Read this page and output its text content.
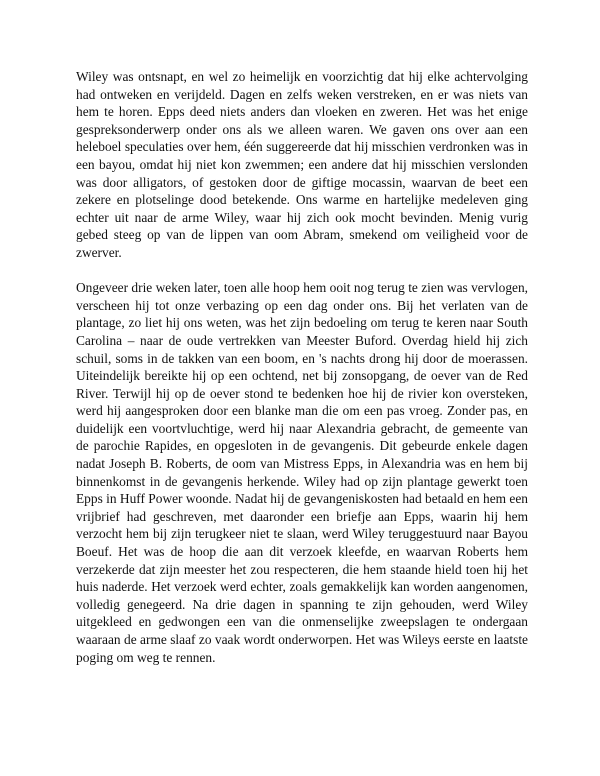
Wiley was ontsnapt, en wel zo heimelijk en voorzichtig dat hij elke achtervolging had ontweken en verijdeld. Dagen en zelfs weken verstreken, en er was niets van hem te horen. Epps deed niets anders dan vloeken en zweren. Het was het enige gespreksonderwerp onder ons als we alleen waren. We gaven ons over aan een heleboel speculaties over hem, één suggereerde dat hij misschien verdronken was in een bayou, omdat hij niet kon zwemmen; een andere dat hij misschien verslonden was door alligators, of gestoken door de giftige mocassin, waarvan de beet een zekere en plotselinge dood betekende. Ons warme en hartelijke medeleven ging echter uit naar de arme Wiley, waar hij zich ook mocht bevinden. Menig vurig gebed steeg op van de lippen van oom Abram, smekend om veiligheid voor de zwerver.

Ongeveer drie weken later, toen alle hoop hem ooit nog terug te zien was vervlogen, verscheen hij tot onze verbazing op een dag onder ons. Bij het verlaten van de plantage, zo liet hij ons weten, was het zijn bedoeling om terug te keren naar South Carolina – naar de oude vertrekken van Meester Buford. Overdag hield hij zich schuil, soms in de takken van een boom, en 's nachts drong hij door de moerassen. Uiteindelijk bereikte hij op een ochtend, net bij zonsopgang, de oever van de Red River. Terwijl hij op de oever stond te bedenken hoe hij de rivier kon oversteken, werd hij aangesproken door een blanke man die om een pas vroeg. Zonder pas, en duidelijk een voortvluchtige, werd hij naar Alexandria gebracht, de gemeente van de parochie Rapides, en opgesloten in de gevangenis. Dit gebeurde enkele dagen nadat Joseph B. Roberts, de oom van Mistress Epps, in Alexandria was en hem bij binnenkomst in de gevangenis herkende. Wiley had op zijn plantage gewerkt toen Epps in Huff Power woonde. Nadat hij de gevangeniskosten had betaald en hem een vrijbrief had geschreven, met daaronder een briefje aan Epps, waarin hij hem verzocht hem bij zijn terugkeer niet te slaan, werd Wiley teruggestuurd naar Bayou Boeuf. Het was de hoop die aan dit verzoek kleefde, en waarvan Roberts hem verzekerde dat zijn meester het zou respecteren, die hem staande hield toen hij het huis naderde. Het verzoek werd echter, zoals gemakkelijk kan worden aangenomen, volledig genegeerd. Na drie dagen in spanning te zijn gehouden, werd Wiley uitgekleed en gedwongen een van die onmenselijke zweepslagen te ondergaan waaraan de arme slaaf zo vaak wordt onderworpen. Het was Wileys eerste en laatste poging om weg te rennen.
